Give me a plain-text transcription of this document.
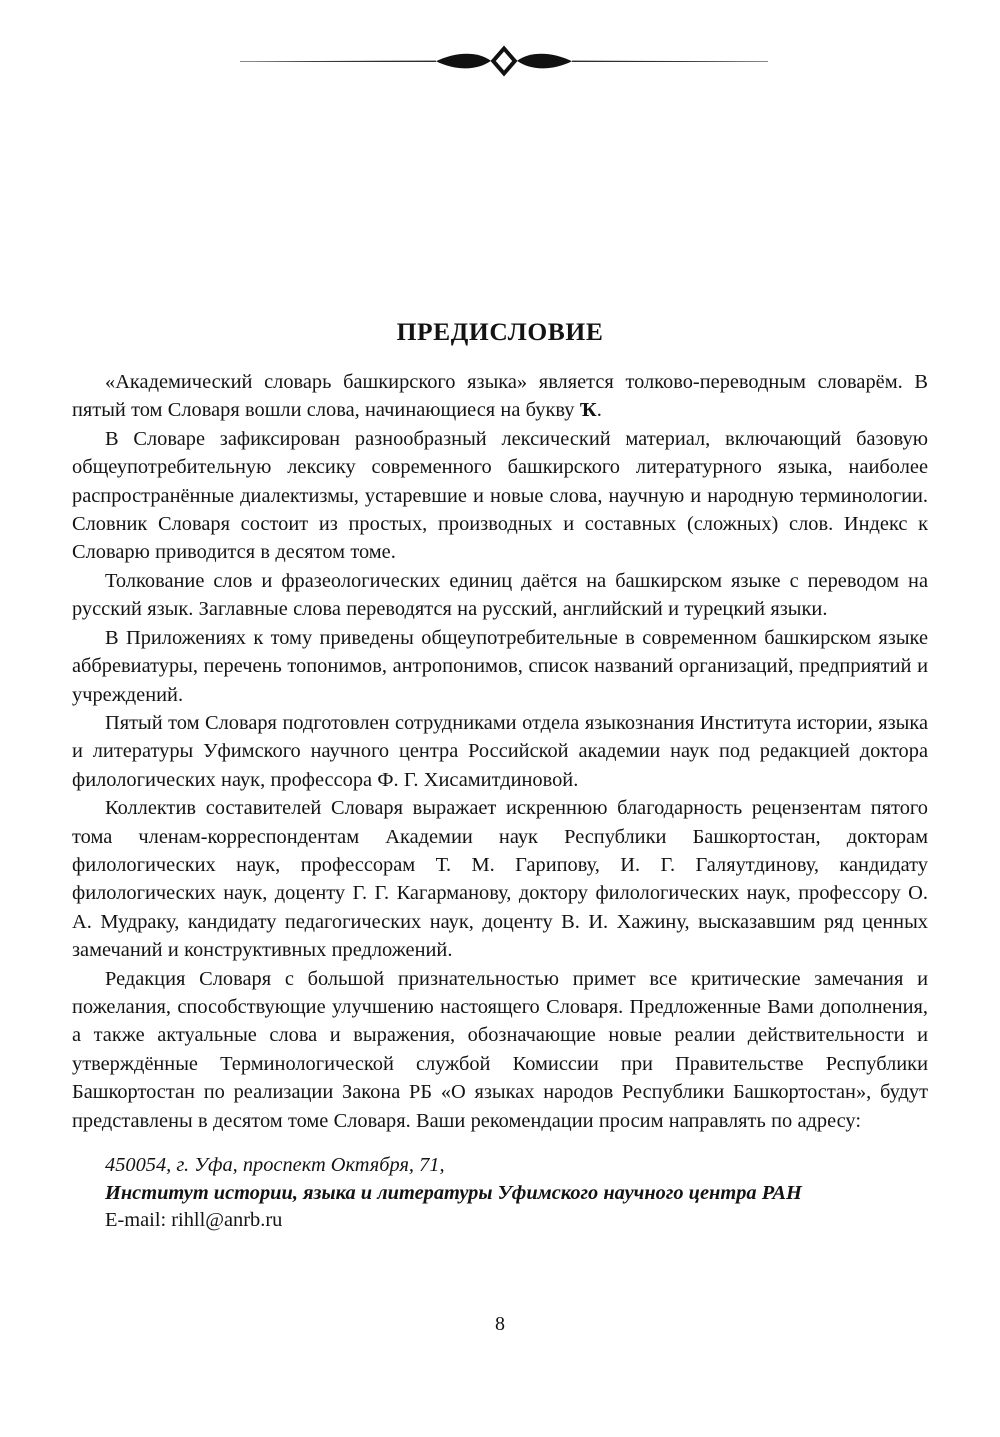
ПРЕДИСЛОВИЕ

«Академический словарь башкирского языка» является толково-переводным словарём. В пятый том Словаря вошли слова, начинающиеся на букву Ҡ.

В Словаре зафиксирован разнообразный лексический материал, включающий базовую общеупотребительную лексику современного башкирского литературного языка, наиболее распространённые диалектизмы, устаревшие и новые слова, научную и народную терминологии. Словник Словаря состоит из простых, производных и составных (сложных) слов. Индекс к Словарю приводится в десятом томе.

Толкование слов и фразеологических единиц даётся на башкирском языке с переводом на русский язык. Заглавные слова переводятся на русский, английский и турецкий языки.

В Приложениях к тому приведены общеупотребительные в современном башкирском языке аббревиатуры, перечень топонимов, антропонимов, список названий организаций, предприятий и учреждений.

Пятый том Словаря подготовлен сотрудниками отдела языкознания Института истории, языка и литературы Уфимского научного центра Российской академии наук под редакцией доктора филологических наук, профессора Ф. Г. Хисамитдиновой.

Коллектив составителей Словаря выражает искреннюю благодарность рецензентам пятого тома членам-корреспондентам Академии наук Республики Башкортостан, докторам филологических наук, профессорам Т. М. Гарипову, И. Г. Галяутдинову, кандидату филологических наук, доценту Г. Г. Кагарманову, доктору филологических наук, профессору О. А. Мудраку, кандидату педагогических наук, доценту В. И. Хажину, высказавшим ряд ценных замечаний и конструктивных предложений.

Редакция Словаря с большой признательностью примет все критические замечания и пожелания, способствующие улучшению настоящего Словаря. Предложенные Вами дополнения, а также актуальные слова и выражения, обозначающие новые реалии действительности и утверждённые Терминологической службой Комиссии при Правительстве Республики Башкортостан по реализации Закона РБ «О языках народов Республики Башкортостан», будут представлены в десятом томе Словаря. Ваши рекомендации просим направлять по адресу:

450054, г. Уфа, проспект Октября, 71,
Институт истории, языка и литературы Уфимского научного центра РАН
E-mail: rihll@anrb.ru
8
